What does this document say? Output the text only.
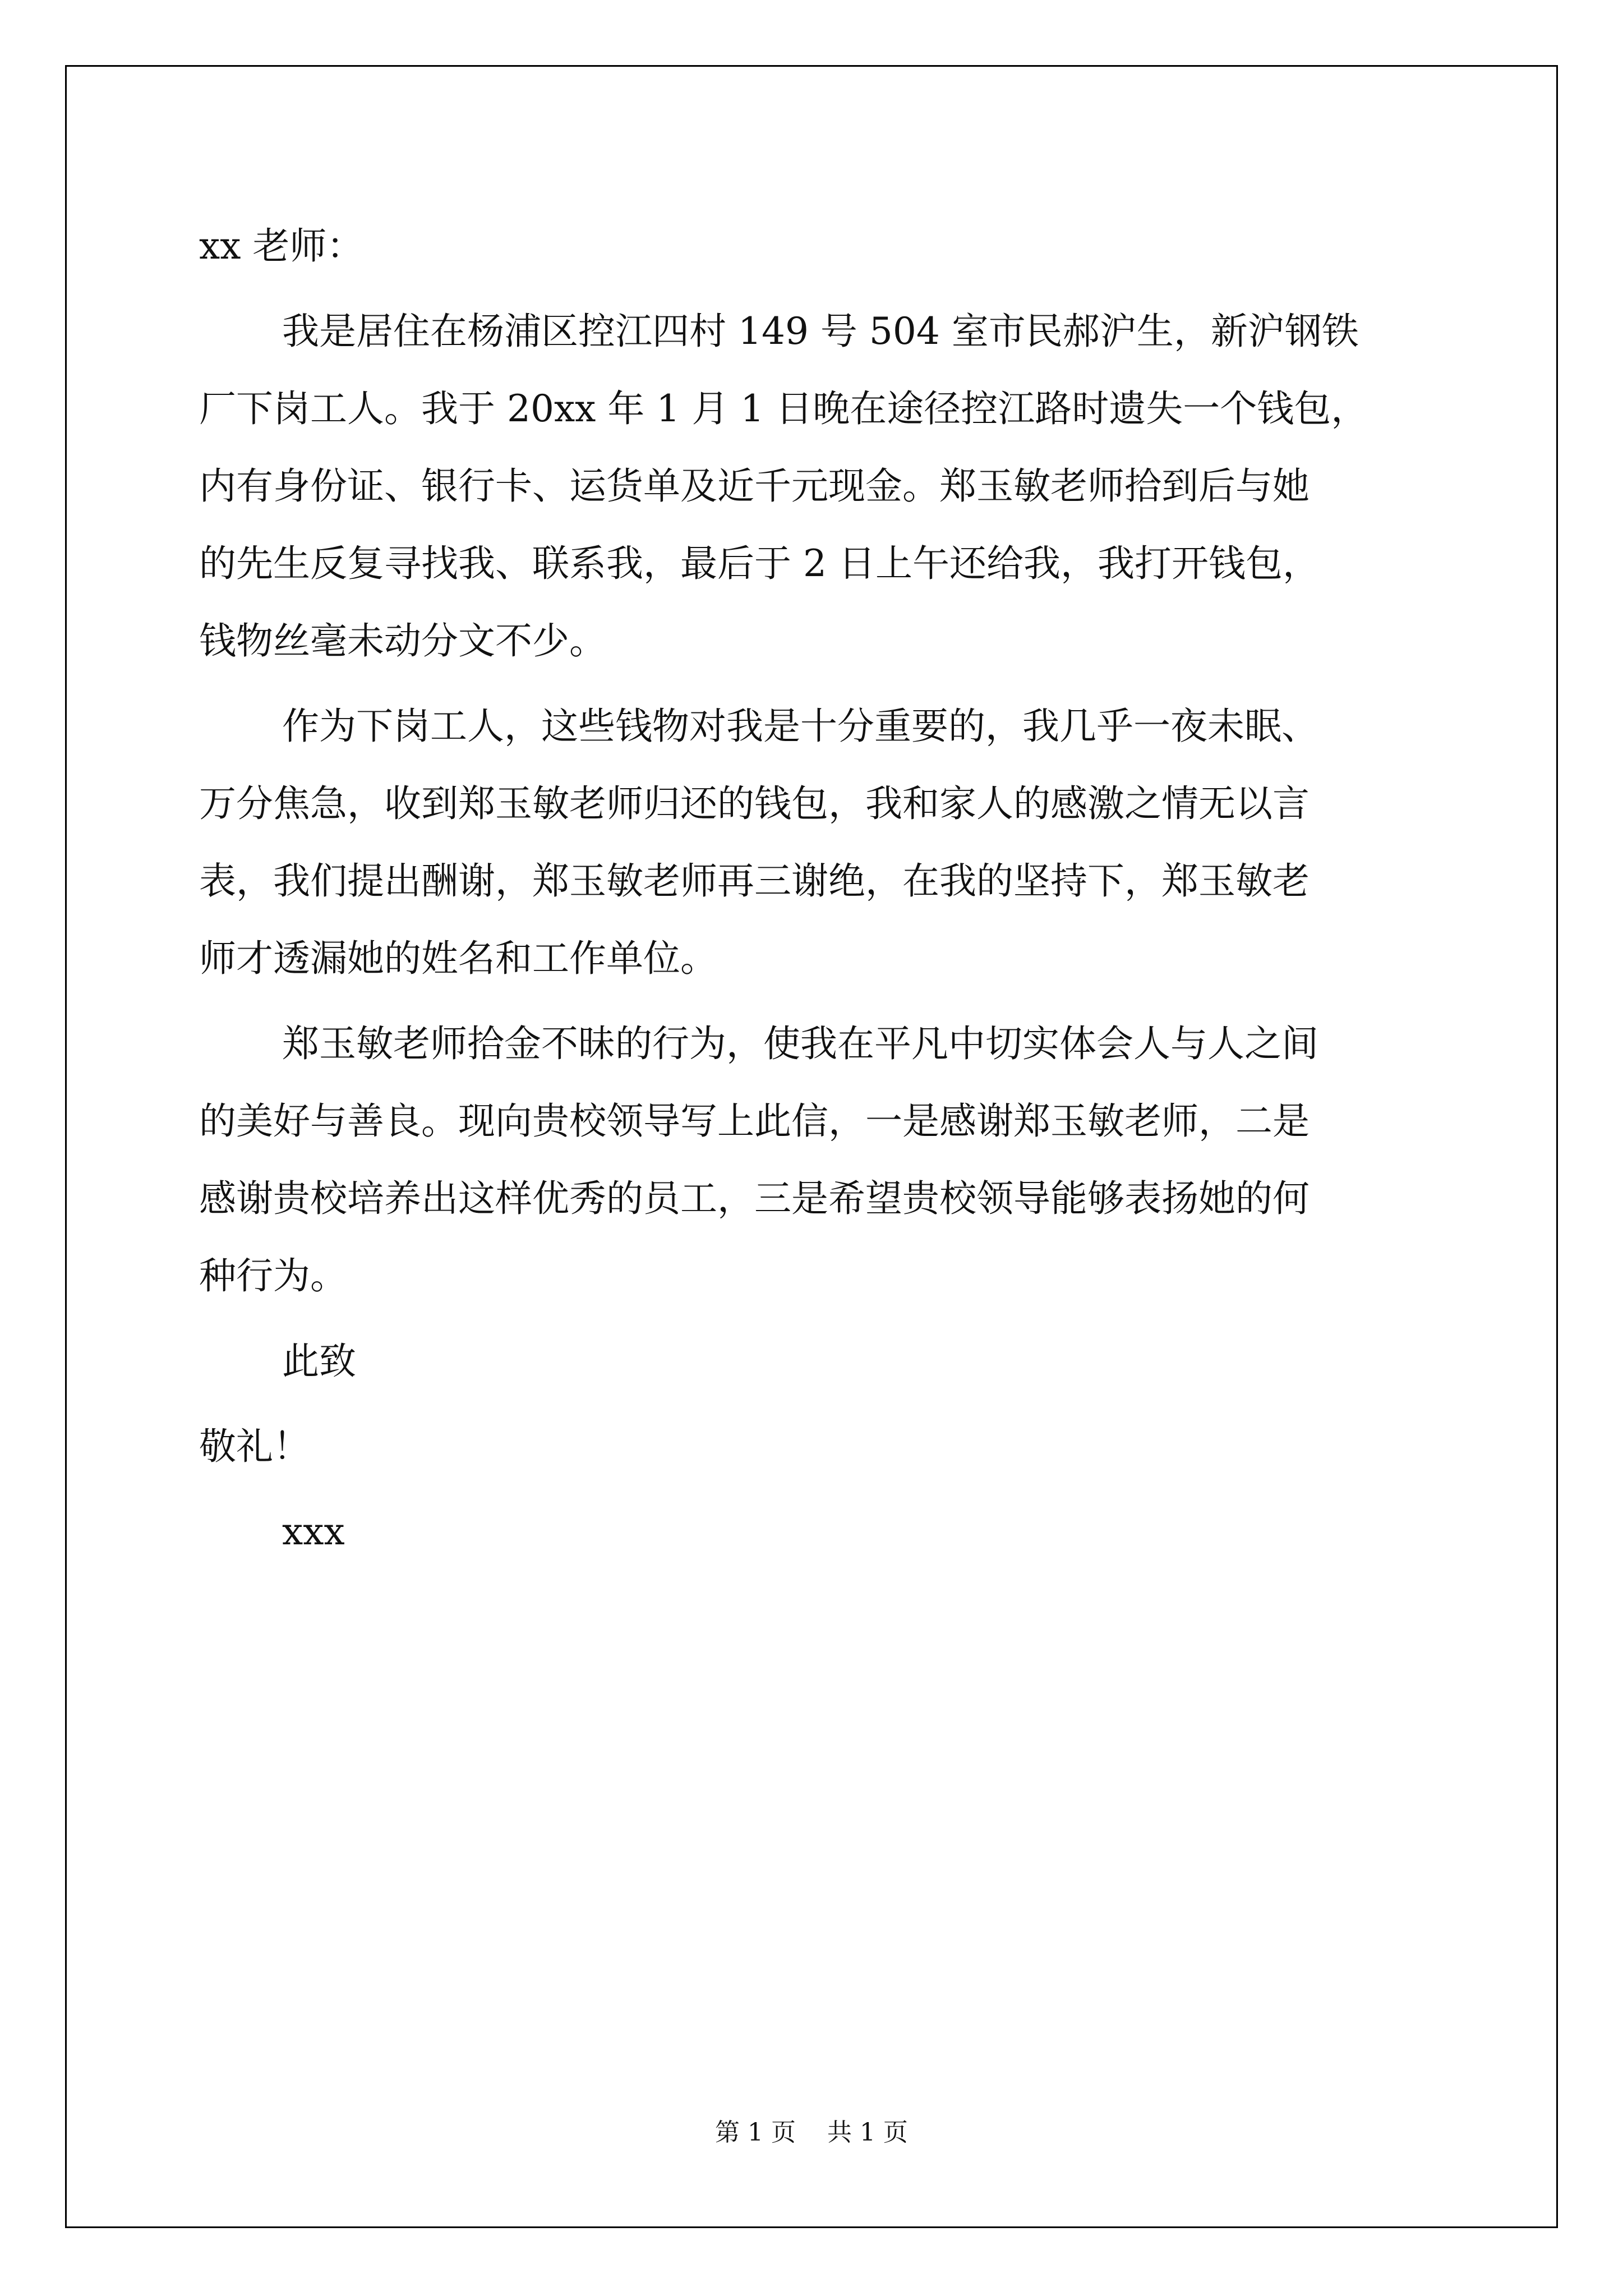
xx 老师：
我是居住在杨浦区控江四村 149 号 504 室市民郝沪生，新沪钢铁
厂下岗工人。我于 20xx 年 1 月 1 日晚在途径控江路时遗失一个钱包，
内有身份证、银行卡、运货单及近千元现金。郑玉敏老师拾到后与她
的先生反复寻找我、联系我，最后于 2 日上午还给我，我打开钱包，
钱物丝毫未动分文不少。
作为下岗工人，这些钱物对我是十分重要的，我几乎一夜未眠、
万分焦急，收到郑玉敏老师归还的钱包，我和家人的感激之情无以言
表，我们提出酬谢，郑玉敏老师再三谢绝，在我的坚持下，郑玉敏老
师才透漏她的姓名和工作单位。
郑玉敏老师拾金不昧的行为，使我在平凡中切实体会人与人之间
的美好与善良。现向贵校领导写上此信，一是感谢郑玉敏老师，二是
感谢贵校培养出这样优秀的员工，三是希望贵校领导能够表扬她的何
种行为。
此致
敬礼！
xxx
第 1 页    共 1 页
